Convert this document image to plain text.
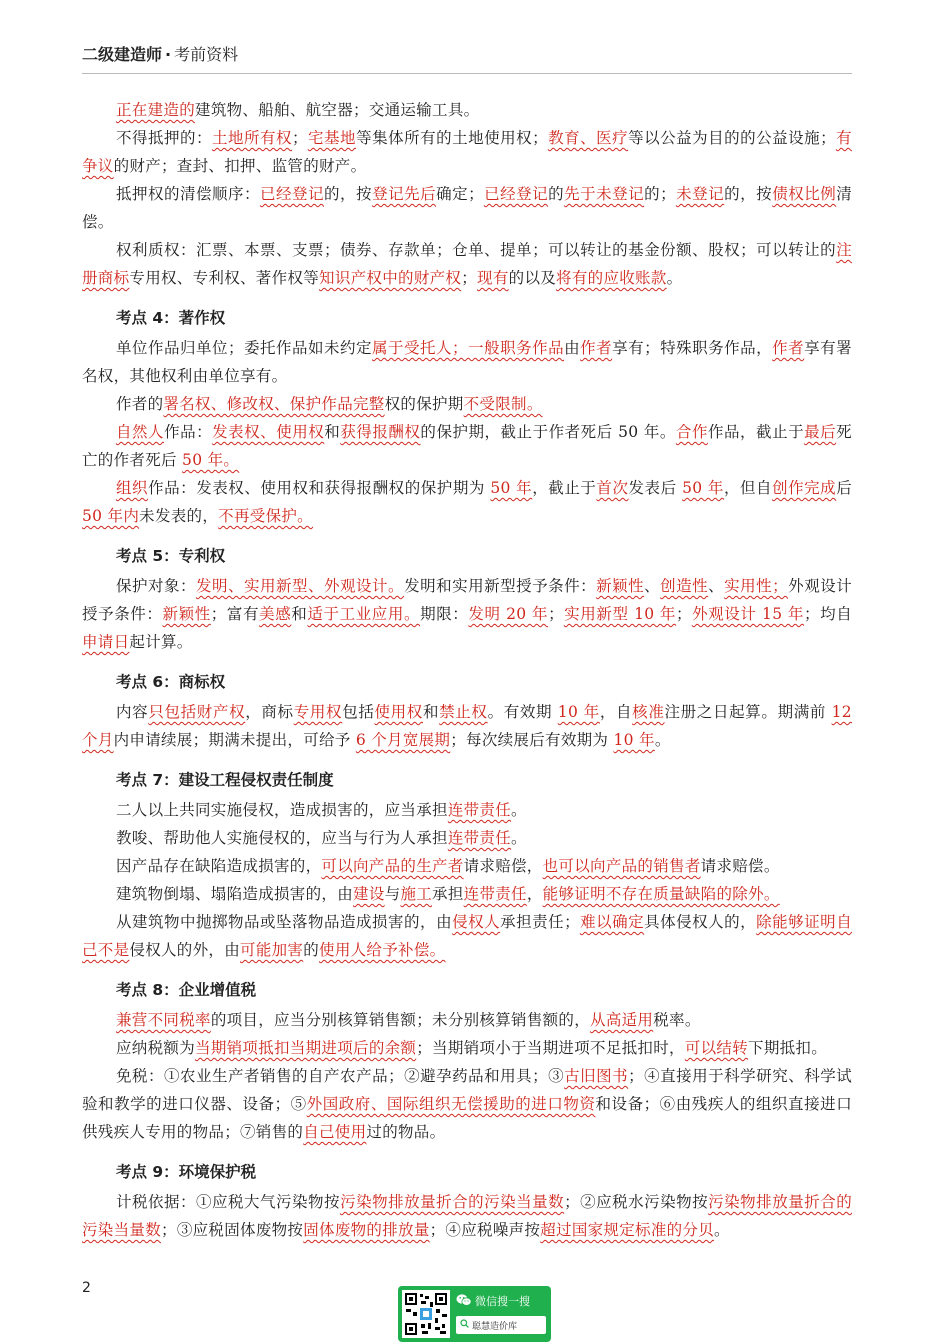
二级建造师 · 考前资料

正在建造的建筑物、船舶、航空器；交通运输工具。

不得抵押的：土地所有权；宅基地等集体所有的土地使用权；教育、医疗等以公益为目的的公益设施；有争议的财产；查封、扣押、监管的财产。

抵押权的清偿顺序：已经登记的，按登记先后确定；已经登记的先于未登记的；未登记的，按债权比例清偿。

权利质权：汇票、本票、支票；债券、存款单；仓单、提单；可以转让的基金份额、股权；可以转让的注册商标专用权、专利权、著作权等知识产权中的财产权；现有的以及将有的应收账款。

考点 4：著作权

单位作品归单位；委托作品如未约定属于受托人；一般职务作品由作者享有；特殊职务作品，作者享有署名权，其他权利由单位享有。

作者的署名权、修改权、保护作品完整权的保护期不受限制。

自然人作品：发表权、使用权和获得报酬权的保护期，截止于作者死后 50 年。合作作品，截止于最后死亡的作者死后 50 年。

组织作品：发表权、使用权和获得报酬权的保护期为 50 年，截止于首次发表后 50 年，但自创作完成后 50 年内未发表的，不再受保护。

考点 5：专利权

保护对象：发明、实用新型、外观设计。发明和实用新型授予条件：新颖性、创造性、实用性；外观设计授予条件：新颖性；富有美感和适于工业应用。期限：发明 20 年；实用新型 10 年；外观设计 15 年；均自申请日起计算。

考点 6：商标权

内容只包括财产权，商标专用权包括使用权和禁止权。有效期 10 年，自核准注册之日起算。期满前 12 个月内申请续展；期满未提出，可给予 6 个月宽展期；每次续展后有效期为 10 年。

考点 7：建设工程侵权责任制度

二人以上共同实施侵权，造成损害的，应当承担连带责任。

教唆、帮助他人实施侵权的，应当与行为人承担连带责任。

因产品存在缺陷造成损害的，可以向产品的生产者请求赔偿，也可以向产品的销售者请求赔偿。

建筑物倒塌、塌陷造成损害的，由建设与施工承担连带责任，能够证明不存在质量缺陷的除外。

从建筑物中抛掷物品或坠落物品造成损害的，由侵权人承担责任；难以确定具体侵权人的，除能够证明自己不是侵权人的外，由可能加害的使用人给予补偿。

考点 8：企业增值税

兼营不同税率的项目，应当分别核算销售额；未分别核算销售额的，从高适用税率。

应纳税额为当期销项抵扣当期进项后的余额；当期销项小于当期进项不足抵扣时，可以结转下期抵扣。

免税：①农业生产者销售的自产农产品；②避孕药品和用具；③古旧图书；④直接用于科学研究、科学试验和教学的进口仪器、设备；⑤外国政府、国际组织无偿援助的进口物资和设备；⑥由残疾人的组织直接进口供残疾人专用的物品；⑦销售的自己使用过的物品。

考点 9：环境保护税

计税依据：①应税大气污染物按污染物排放量折合的污染当量数；②应税水污染物按污染物排放量折合的污染当量数；③应税固体废物按固体废物的排放量；④应税噪声按超过国家规定标准的分贝。

2
微信搜一搜
聪慧造价库
